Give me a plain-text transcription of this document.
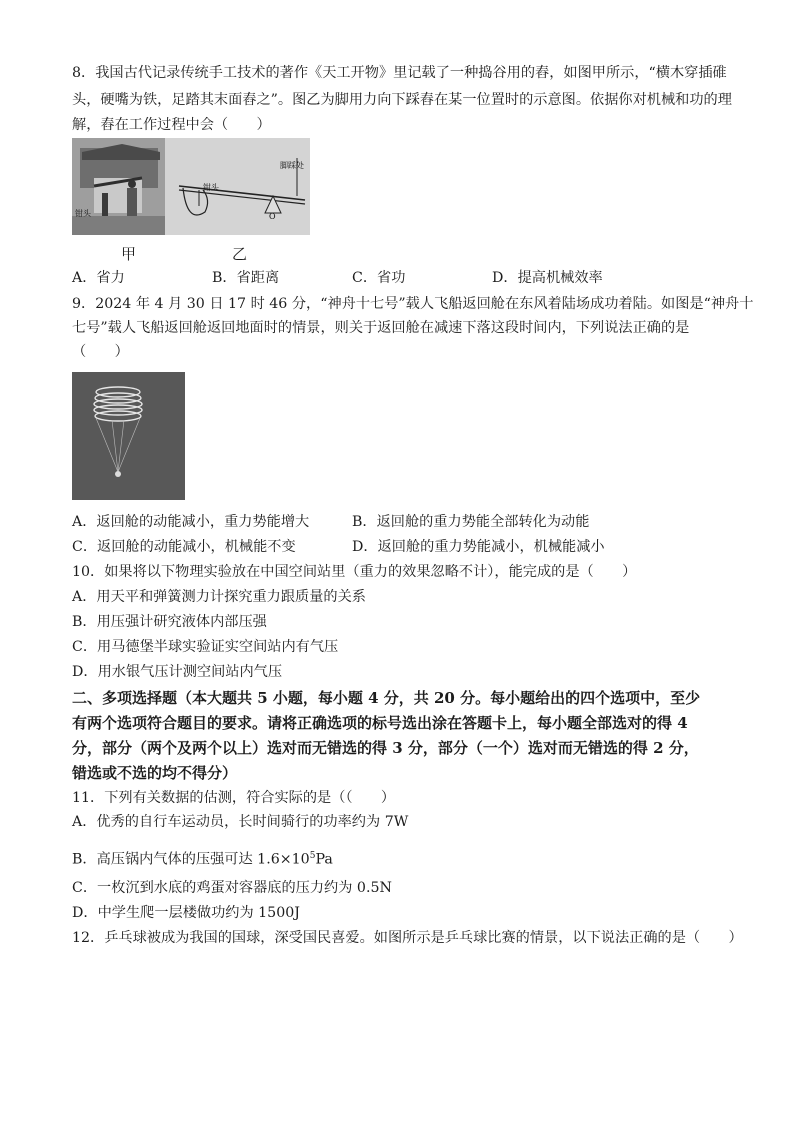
8．我国古代记录传统手工技术的著作《天工开物》里记载了一种捣谷用的舂，如图甲所示，“横木穿插碓
头，硬嘴为铁，足踏其末面舂之”。图乙为脚用力向下踩舂在某一位置时的示意图。依据你对机械和功的理
解，舂在工作过程中会（　　）
钳头
钳头
脚踩处
O
甲	乙
A．省力	B．省距离	C．省功	D．提高机械效率
9．2024 年 4 月 30 日 17 时 46 分，“神舟十七号”载人飞船返回舱在东风着陆场成功着陆。如图是“神舟十
七号”载人飞船返回舱返回地面时的情景，则关于返回舱在减速下落这段时间内，下列说法正确的是
（　　）
A．返回舱的动能减小，重力势能增大	B．返回舱的重力势能全部转化为动能
C．返回舱的动能减小，机械能不变	D．返回舱的重力势能减小，机械能减小
10．如果将以下物理实验放在中国空间站里（重力的效果忽略不计），能完成的是（　　）
A．用天平和弹簧测力计探究重力跟质量的关系
B．用压强计研究液体内部压强
C．用马德堡半球实验证实空间站内有气压
D．用水银气压计测空间站内气压
二、多项选择题（本大题共 5 小题，每小题 4 分，共 20 分。每小题给出的四个选项中，至少
有两个选项符合题目的要求。请将正确选项的标号选出涂在答题卡上，每小题全部选对的得 4
分，部分（两个及两个以上）选对而无错选的得 3 分，部分（一个）选对而无错选的得 2 分，
错选或不选的均不得分）
11．下列有关数据的估测，符合实际的是（（　　）
A．优秀的自行车运动员，长时间骑行的功率约为 7W
B．高压锅内气体的压强可达 $1.6\times 10^5Pa$
C．一枚沉到水底的鸡蛋对容器底的压力约为 0.5N
D．中学生爬一层楼做功约为 1500J
12．乒乓球被成为我国的国球，深受国民喜爱。如图所示是乒乓球比赛的情景，以下说法正确的是（　　）
